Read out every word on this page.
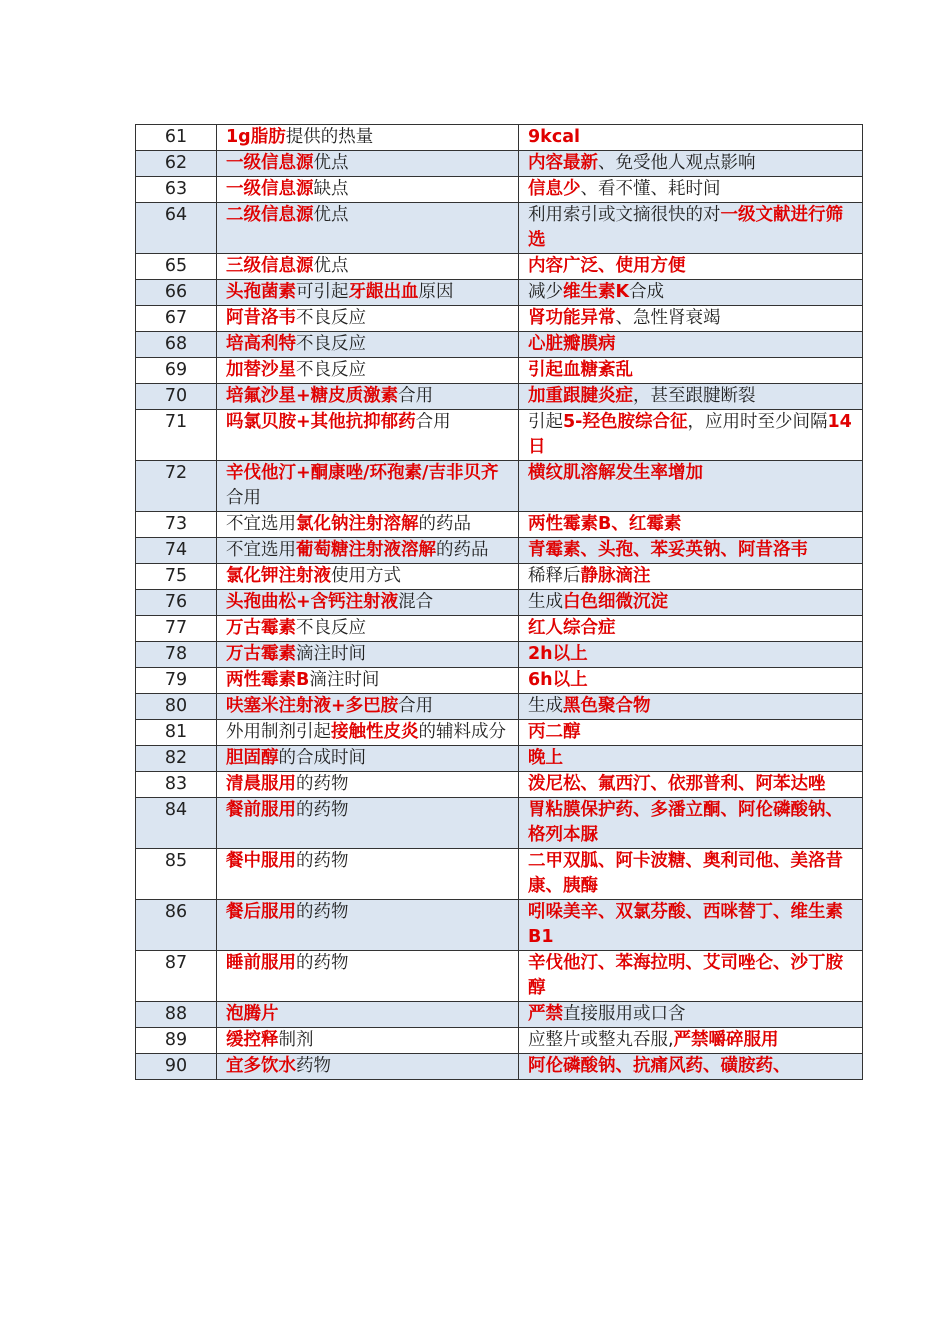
61	1g脂肪提供的热量	9kcal
62	一级信息源优点	内容最新、免受他人观点影响
63	一级信息源缺点	信息少、看不懂、耗时间
64	二级信息源优点	利用索引或文摘很快的对一级文献进行筛选
65	三级信息源优点	内容广泛、使用方便
66	头孢菌素可引起牙龈出血原因	减少维生素K合成
67	阿昔洛韦不良反应	肾功能异常、急性肾衰竭
68	培高利特不良反应	心脏瓣膜病
69	加替沙星不良反应	引起血糖紊乱
70	培氟沙星+糖皮质激素合用	加重跟腱炎症，甚至跟腱断裂
71	吗氯贝胺+其他抗抑郁药合用	引起5-羟色胺综合征，应用时至少间隔14日
72	辛伐他汀+酮康唑/环孢素/吉非贝齐合用	横纹肌溶解发生率增加
73	不宜选用氯化钠注射溶解的药品	两性霉素B、红霉素
74	不宜选用葡萄糖注射液溶解的药品	青霉素、头孢、苯妥英钠、阿昔洛韦
75	氯化钾注射液使用方式	稀释后静脉滴注
76	头孢曲松+含钙注射液混合	生成白色细微沉淀
77	万古霉素不良反应	红人综合症
78	万古霉素滴注时间	2h以上
79	两性霉素B滴注时间	6h以上
80	呋塞米注射液+多巴胺合用	生成黑色聚合物
81	外用制剂引起接触性皮炎的辅料成分	丙二醇
82	胆固醇的合成时间	晚上
83	清晨服用的药物	泼尼松、氟西汀、依那普利、阿苯达唑
84	餐前服用的药物	胃粘膜保护药、多潘立酮、阿伦磷酸钠、格列本脲
85	餐中服用的药物	二甲双胍、阿卡波糖、奥利司他、美洛昔康、胰酶
86	餐后服用的药物	吲哚美辛、双氯芬酸、西咪替丁、维生素B1
87	睡前服用的药物	辛伐他汀、苯海拉明、艾司唑仑、沙丁胺醇
88	泡腾片	严禁直接服用或口含
89	缓控释制剂	应整片或整丸吞服,严禁嚼碎服用
90	宜多饮水药物	阿伦磷酸钠、抗痛风药、磺胺药、
